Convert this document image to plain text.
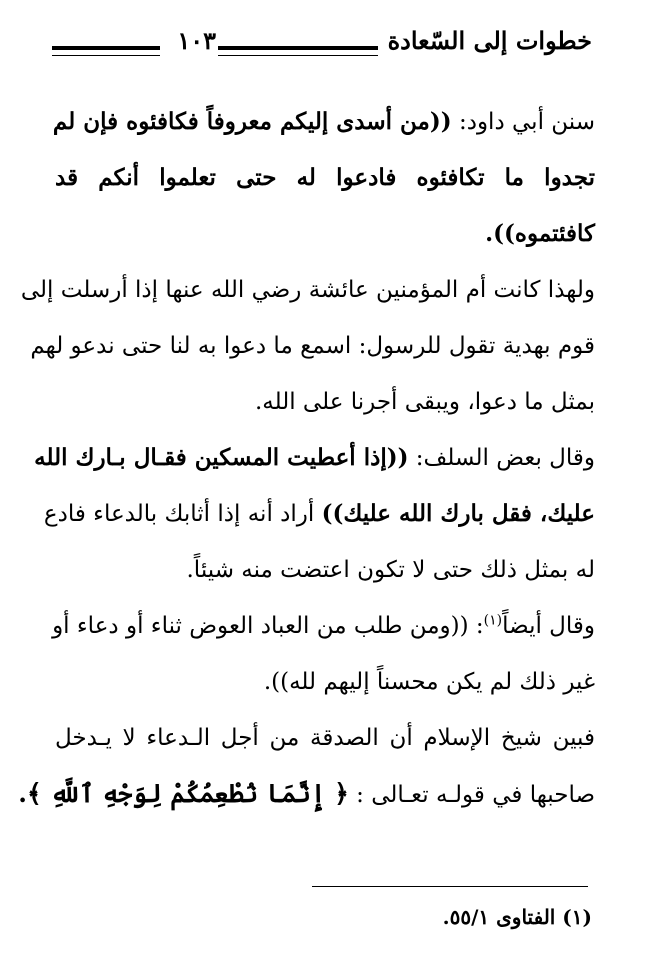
خطوات إلى السّعادة
١٠٣
سنن أبي داود: ((من أسدى إليكم معروفاً فكافئوه فإن لم
تجدوا ما تكافئوه فادعوا له حتى تعلموا أنكم قد
كافئتموه)).
ولهذا كانت أم المؤمنين عائشة رضي الله عنها إذا أرسلت إلى
قوم بهدية تقول للرسول: اسمع ما دعوا به لنا حتى ندعو لهم
بمثل ما دعوا، ويبقى أجرنا على الله.
وقال بعض السلف: ((إذا أعطيت المسكين فقـال بـارك الله
عليك، فقل بارك الله عليك)) أراد أنه إذا أثابك بالدعاء فادع
له بمثل ذلك حتى لا تكون اعتضت منه شيئاً.
وقال أيضاً$^{(١)}$: ((ومن طلب من العباد العوض ثناء أو دعاء أو
غير ذلك لم يكن محسناً إليهم لله)).
فبين شيخ الإسلام أن الصدقة من أجل الـدعاء لا يـدخل
صاحبها في قولـه تعـالى : ﴿ إِنَّمَا نُطْعِمُكُمْ لِوَجْهِ ٱللَّهِ ﴾.
(١) الفتاوى ٥٥/١.
